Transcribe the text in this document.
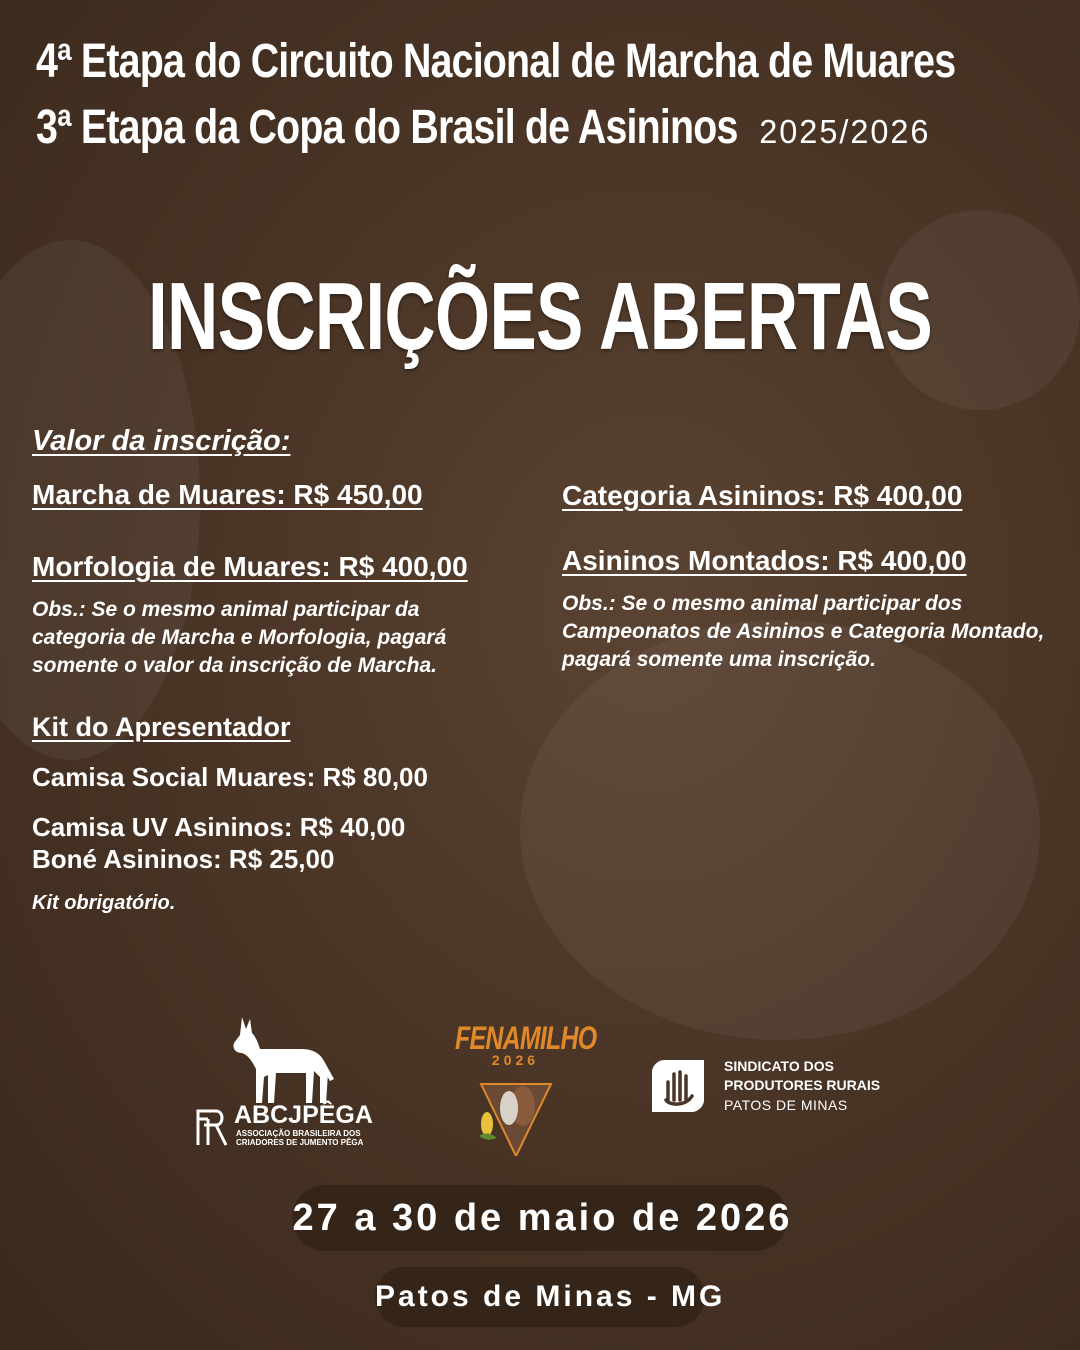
4ª Etapa do Circuito Nacional de Marcha de Muares
3ª Etapa da Copa do Brasil de Asininos 2025/2026
INSCRIÇÕES ABERTAS

Valor da inscrição:

Marcha de Muares: R$ 450,00

Morfologia de Muares: R$ 400,00

Obs.: Se o mesmo animal participar da categoria de Marcha e Morfologia, pagará somente o valor da inscrição de Marcha.

Categoria Asininos: R$ 400,00

Asininos Montados: R$ 400,00

Obs.: Se o mesmo animal participar dos Campeonatos de Asininos e Categoria Montado, pagará somente uma inscrição.

Kit do Apresentador

Camisa Social Muares: R$ 80,00

Camisa UV Asininos: R$ 40,00

Boné Asininos: R$ 25,00

Kit obrigatório.

ABCJPÊGA
ASSOCIAÇÃO BRASILEIRA DOS
CRIADORES DE JUMENTO PÊGA
FENAMILHO
2026	SINDICATO DOS
PRODUTORES RURAIS
PATOS DE MINAS
27 a 30 de maio de 2026
Patos de Minas - MG
